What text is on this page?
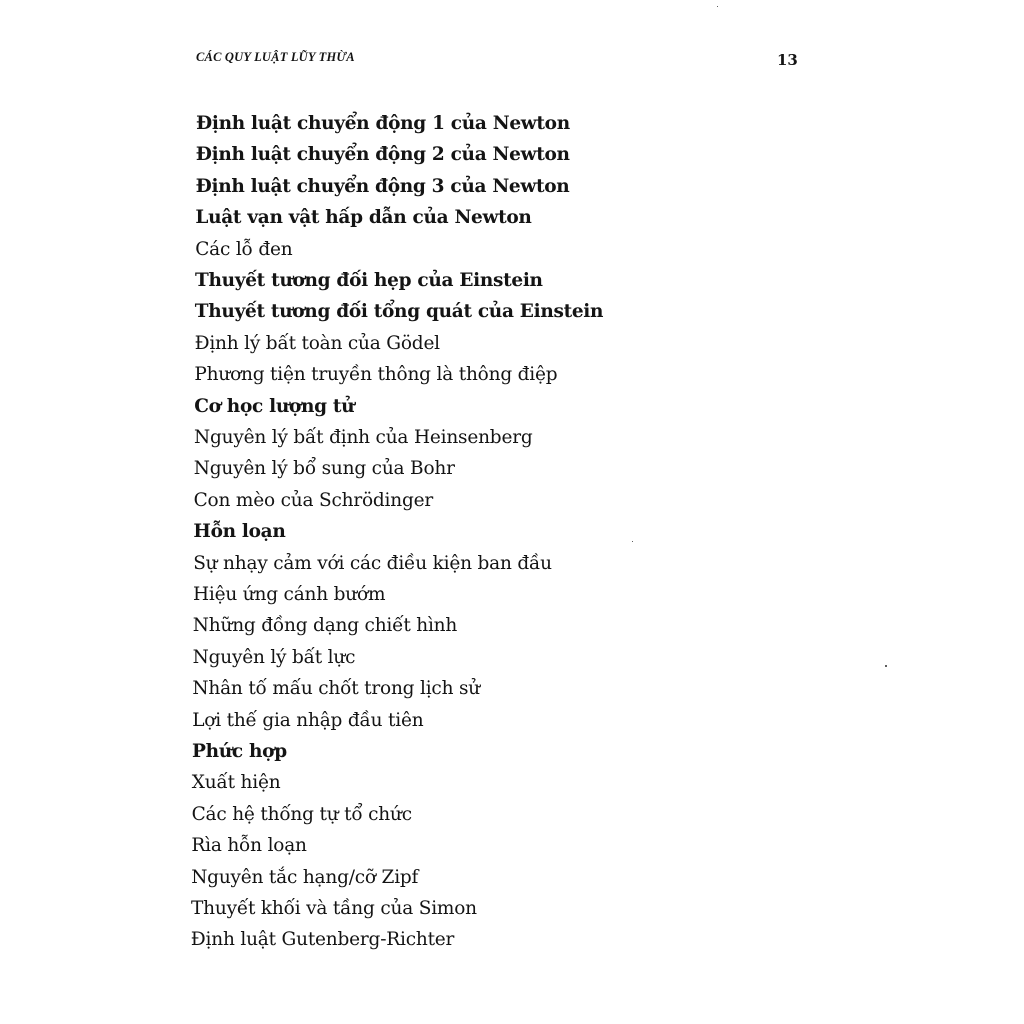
CÁC QUY LUẬT LŨY THỪA	13
Định luật chuyển động 1 của Newton
Định luật chuyển động 2 của Newton
Định luật chuyển động 3 của Newton
Luật vạn vật hấp dẫn của Newton
Các lỗ đen
Thuyết tương đối hẹp của Einstein
Thuyết tương đối tổng quát của Einstein
Định lý bất toàn của Gödel
Phương tiện truyền thông là thông điệp
Cơ học lượng tử
Nguyên lý bất định của Heinsenberg
Nguyên lý bổ sung của Bohr
Con mèo của Schrödinger
Hỗn loạn
Sự nhạy cảm với các điều kiện ban đầu
Hiệu ứng cánh bướm
Những đồng dạng chiết hình
Nguyên lý bất lực
Nhân tố mấu chốt trong lịch sử
Lợi thế gia nhập đầu tiên
Phức hợp
Xuất hiện
Các hệ thống tự tổ chức
Rìa hỗn loạn
Nguyên tắc hạng/cỡ Zipf
Thuyết khối và tầng của Simon
Định luật Gutenberg-Richter
